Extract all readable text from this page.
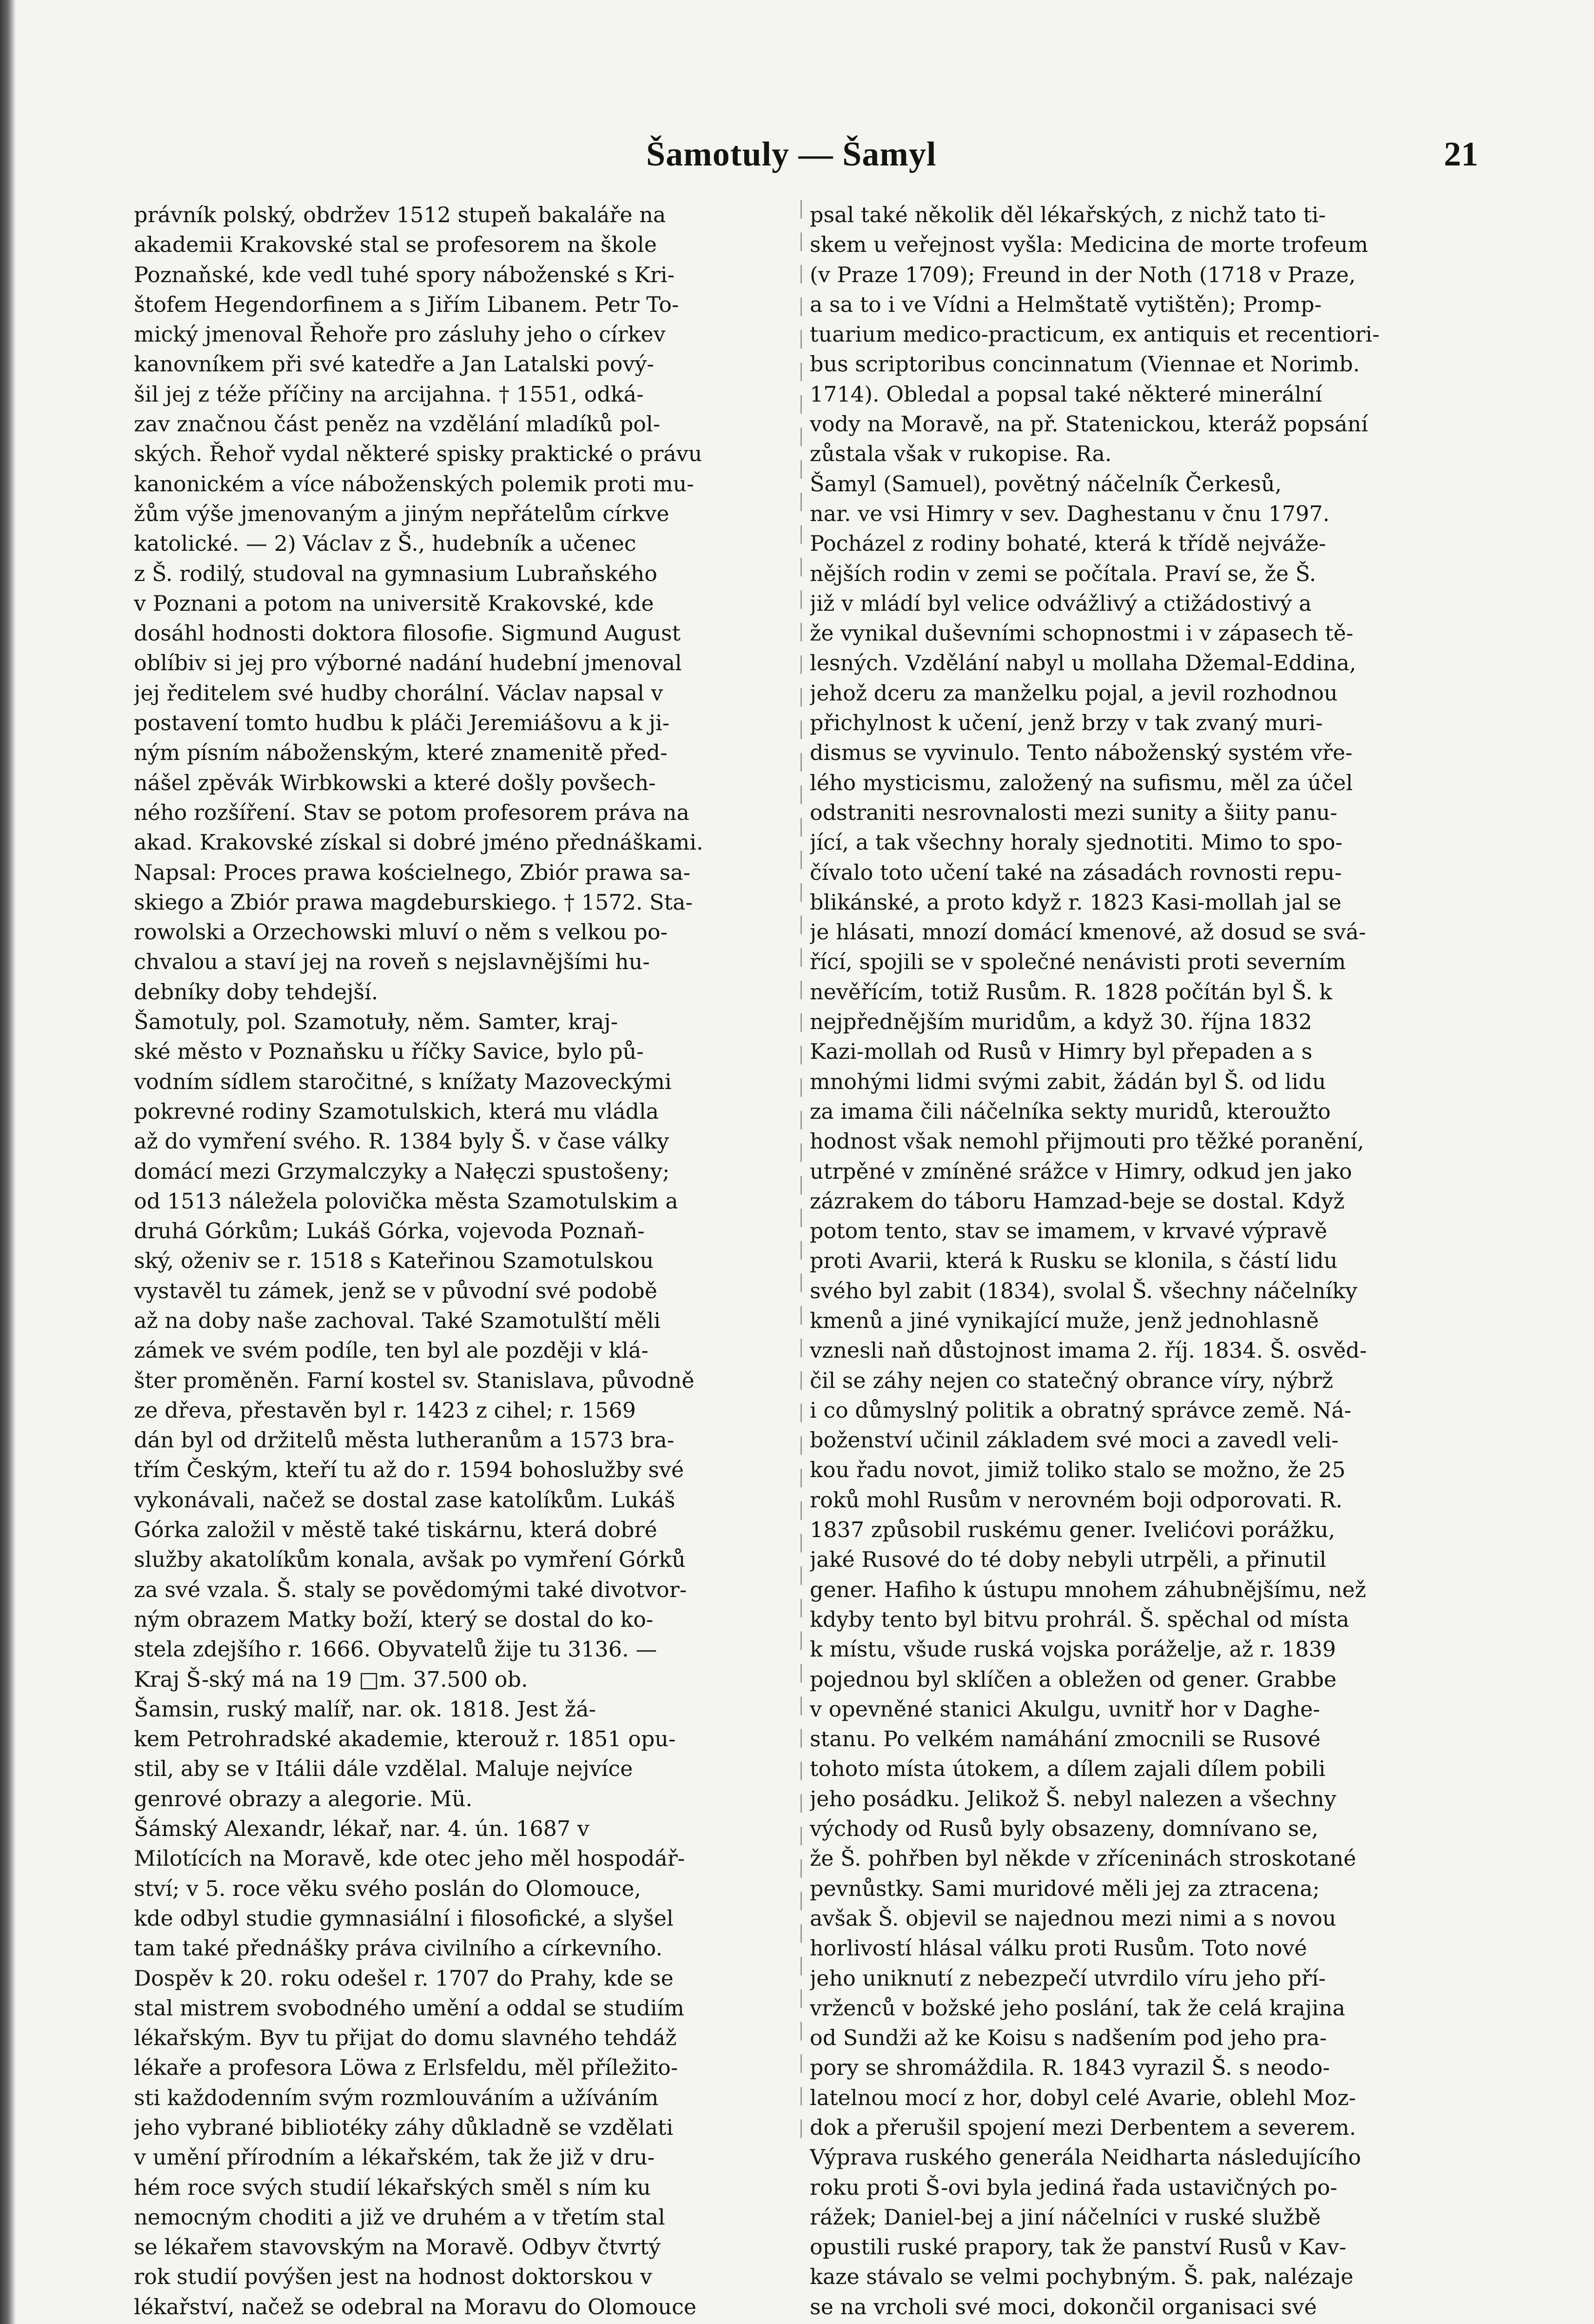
Šamotuly — Šamyl	21
právník polský, obdržev 1512 stupeň bakaláře na
akademii Krakovské stal se profesorem na škole
Poznaňské, kde vedl tuhé spory náboženské s Kri-
štofem Hegendorfinem a s Jiřím Libanem. Petr To-
mický jmenoval Řehoře pro zásluhy jeho o církev
kanovníkem při své katedře a Jan Latalski pový-
šil jej z téže příčiny na arcijahna. † 1551, odká-
zav značnou část peněz na vzdělání mladíků pol-
ských. Řehoř vydal některé spisky praktické o právu
kanonickém a více náboženských polemik proti mu-
žům výše jmenovaným a jiným nepřátelům církve
katolické. — 2) Václav z Š., hudebník a učenec
z Š. rodilý, studoval na gymnasium Lubraňského
v Poznani a potom na universitě Krakovské, kde
dosáhl hodnosti doktora filosofie. Sigmund August
oblíbiv si jej pro výborné nadání hudební jmenoval
jej ředitelem své hudby chorální. Václav napsal v
postavení tomto hudbu k pláči Jeremiášovu a k ji-
ným písním náboženským, které znamenitě před-
nášel zpěvák Wirbkowski a které došly povšech-
ného rozšíření. Stav se potom profesorem práva na
akad. Krakovské získal si dobré jméno přednáškami.
Napsal: Proces prawa kościelnego, Zbiór prawa sa-
skiego a Zbiór prawa magdeburskiego. † 1572. Sta-
rowolski a Orzechowski mluví o něm s velkou po-
chvalou a staví jej na roveň s nejslavnějšími hu-
debníky doby tehdejší.
Šamotuly, pol. Szamotuły, něm. Samter, kraj-
ské město v Poznaňsku u říčky Savice, bylo pů-
vodním sídlem staročitné, s knížaty Mazoveckými
pokrevné rodiny Szamotulskich, která mu vládla
až do vymření svého. R. 1384 byly Š. v čase války
domácí mezi Grzymalczyky a Nałęczi spustošeny;
od 1513 náležela polovička města Szamotulskim a
druhá Górkům; Lukáš Górka, vojevoda Poznaň-
ský, oženiv se r. 1518 s Kateřinou Szamotulskou
vystavěl tu zámek, jenž se v původní své podobě
až na doby naše zachoval. Také Szamotulští měli
zámek ve svém podíle, ten byl ale později v klá-
šter proměněn. Farní kostel sv. Stanislava, původně
ze dřeva, přestavěn byl r. 1423 z cihel; r. 1569
dán byl od držitelů města lutheranům a 1573 bra-
třím Českým, kteří tu až do r. 1594 bohoslužby své
vykonávali, načež se dostal zase katolíkům. Lukáš
Górka založil v městě také tiskárnu, která dobré
služby akatolíkům konala, avšak po vymření Górků
za své vzala. Š. staly se povědomými také divotvor-
ným obrazem Matky boží, který se dostal do ko-
stela zdejšího r. 1666. Obyvatelů žije tu 3136. —
Kraj Š-ský má na 19 □m. 37.500 ob.
Šamsin, ruský malíř, nar. ok. 1818. Jest žá-
kem Petrohradské akademie, kterouž r. 1851 opu-
stil, aby se v Itálii dále vzdělal. Maluje nejvíce
genrové obrazy a alegorie. Mü.
Šámský Alexandr, lékař, nar. 4. ún. 1687 v
Milotících na Moravě, kde otec jeho měl hospodář-
ství; v 5. roce věku svého poslán do Olomouce,
kde odbyl studie gymnasiální i filosofické, a slyšel
tam také přednášky práva civilního a církevního.
Dospěv k 20. roku odešel r. 1707 do Prahy, kde se
stal mistrem svobodného umění a oddal se studiím
lékařským. Byv tu přijat do domu slavného tehdáž
lékaře a profesora Löwa z Erlsfeldu, měl příležito-
sti každodenním svým rozmlouváním a užíváním
jeho vybrané bibliotéky záhy důkladně se vzdělati
v umění přírodním a lékařském, tak že již v dru-
hém roce svých studií lékařských směl s ním ku
nemocným choditi a již ve druhém a v třetím stal
se lékařem stavovským na Moravě. Odbyv čtvrtý
rok studií povýšen jest na hodnost doktorskou v
lékařství, načež se odebral na Moravu do Olomouce
psal také několik děl lékařských, z nichž tato ti-
skem u veřejnost vyšla: Medicina de morte trofeum
(v Praze 1709); Freund in der Noth (1718 v Praze,
a sa to i ve Vídni a Helmštatě vytištěn); Promp-
tuarium medico-practicum, ex antiquis et recentiori-
bus scriptoribus concinnatum (Viennae et Norimb.
1714). Obledal a popsal také některé minerální
vody na Moravě, na př. Statenickou, kteráž popsání
zůstala však v rukopise. Ra.
Šamyl (Samuel), povětný náčelník Čerkesů,
nar. ve vsi Himry v sev. Daghestanu v čnu 1797.
Pocházel z rodiny bohaté, která k třídě nejváže-
nějších rodin v zemi se počítala. Praví se, že Š.
již v mládí byl velice odvážlivý a ctižádostivý a
že vynikal duševními schopnostmi i v zápasech tě-
lesných. Vzdělání nabyl u mollaha Džemal-Eddina,
jehož dceru za manželku pojal, a jevil rozhodnou
přichylnost k učení, jenž brzy v tak zvaný muri-
dismus se vyvinulo. Tento náboženský systém vře-
lého mysticismu, založený na sufismu, měl za účel
odstraniti nesrovnalosti mezi sunity a šiity panu-
jící, a tak všechny horaly sjednotiti. Mimo to spo-
čívalo toto učení také na zásadách rovnosti repu-
blikánské, a proto když r. 1823 Kasi-mollah jal se
je hlásati, mnozí domácí kmenové, až dosud se svá-
řící, spojili se v společné nenávisti proti severním
nevěřícím, totiž Rusům. R. 1828 počítán byl Š. k
nejpřednějším muridům, a když 30. října 1832
Kazi-mollah od Rusů v Himry byl přepaden a s
mnohými lidmi svými zabit, žádán byl Š. od lidu
za imama čili náčelníka sekty muridů, kteroužto
hodnost však nemohl přijmouti pro těžké poranění,
utrpěné v zmíněné srážce v Himry, odkud jen jako
zázrakem do táboru Hamzad-beje se dostal. Když
potom tento, stav se imamem, v krvavé výpravě
proti Avarii, která k Rusku se klonila, s částí lidu
svého byl zabit (1834), svolal Š. všechny náčelníky
kmenů a jiné vynikající muže, jenž jednohlasně
vznesli naň důstojnost imama 2. říj. 1834. Š. osvěd-
čil se záhy nejen co statečný obrance víry, nýbrž
i co důmyslný politik a obratný správce země. Ná-
boženství učinil základem své moci a zavedl veli-
kou řadu novot, jimiž toliko stalo se možno, že 25
roků mohl Rusům v nerovném boji odporovati. R.
1837 způsobil ruskému gener. Ivelićovi porážku,
jaké Rusové do té doby nebyli utrpěli, a přinutil
gener. Hafiho k ústupu mnohem záhubnějšímu, než
kdyby tento byl bitvu prohrál. Š. spěchal od místa
k místu, všude ruská vojska poráželje, až r. 1839
pojednou byl sklíčen a obležen od gener. Grabbe
v opevněné stanici Akulgu, uvnitř hor v Daghe-
stanu. Po velkém namáhání zmocnili se Rusové
tohoto místa útokem, a dílem zajali dílem pobili
jeho posádku. Jelikož Š. nebyl nalezen a všechny
východy od Rusů byly obsazeny, domnívano se,
že Š. pohřben byl někde v zříceninách stroskotané
pevnůstky. Sami muridové měli jej za ztracena;
avšak Š. objevil se najednou mezi nimi a s novou
horlivostí hlásal válku proti Rusům. Toto nové
jeho uniknutí z nebezpečí utvrdilo víru jeho pří-
vrženců v božské jeho poslání, tak že celá krajina
od Sundži až ke Koisu s nadšením pod jeho pra-
pory se shromáždila. R. 1843 vyrazil Š. s neodo-
latelnou mocí z hor, dobyl celé Avarie, oblehl Moz-
dok a přerušil spojení mezi Derbentem a severem.
Výprava ruského generála Neidharta následujícího
roku proti Š-ovi byla jediná řada ustavičných po-
rážek; Daniel-bej a jiní náčelníci v ruské službě
opustili ruské prapory, tak že panství Rusů v Kav-
kaze stávalo se velmi pochybným. Š. pak, nalézaje
se na vrcholi své moci, dokončil organisaci své
